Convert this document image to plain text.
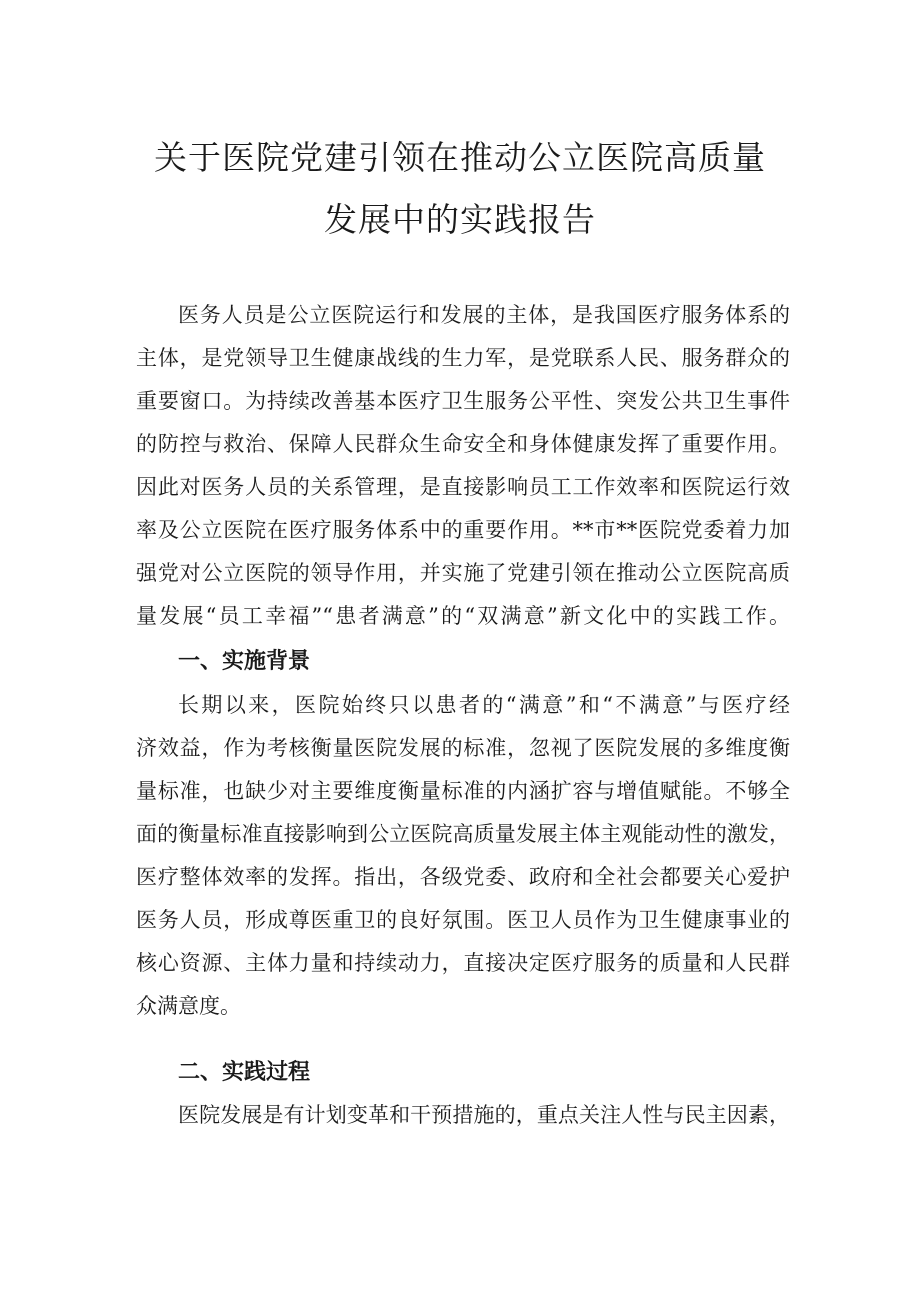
关于医院党建引领在推动公立医院高质量
发展中的实践报告

医务人员是公立医院运行和发展的主体，是我国医疗服务体系的

主体，是党领导卫生健康战线的生力军，是党联系人民、服务群众的

重要窗口。为持续改善基本医疗卫生服务公平性、突发公共卫生事件

的防控与救治、保障人民群众生命安全和身体健康发挥了重要作用。

因此对医务人员的关系管理，是直接影响员工工作效率和医院运行效

率及公立医院在医疗服务体系中的重要作用。**市**医院党委着力加

强党对公立医院的领导作用，并实施了党建引领在推动公立医院高质

量发展“员工幸福”“患者满意”的“双满意”新文化中的实践工作。

一、实施背景

长期以来，医院始终只以患者的“满意”和“不满意”与医疗经

济效益，作为考核衡量医院发展的标准，忽视了医院发展的多维度衡

量标准，也缺少对主要维度衡量标准的内涵扩容与增值赋能。不够全

面的衡量标准直接影响到公立医院高质量发展主体主观能动性的激发，

医疗整体效率的发挥。指出，各级党委、政府和全社会都要关心爱护

医务人员，形成尊医重卫的良好氛围。医卫人员作为卫生健康事业的

核心资源、主体力量和持续动力，直接决定医疗服务的质量和人民群

众满意度。

二、实践过程

医院发展是有计划变革和干预措施的，重点关注人性与民主因素，
